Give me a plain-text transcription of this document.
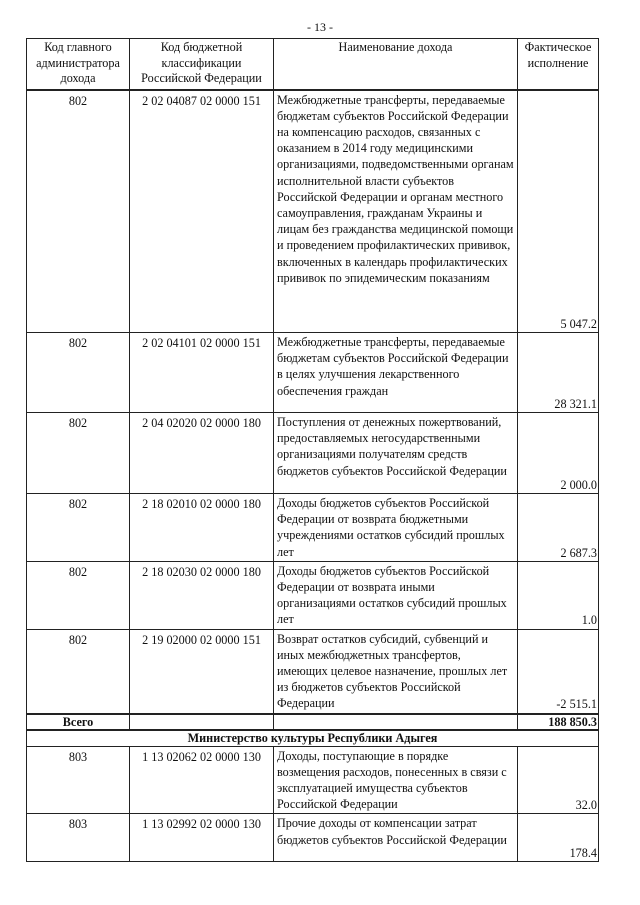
- 13 -
Код главного администратора дохода	Код бюджетной классификации Российской Федерации	Наименование дохода	Фактическое исполнение
802	2 02 04087 02 0000 151	Межбюджетные трансферты, передаваемые бюджетам субъектов Российской Федерации на компенсацию расходов, связанных с оказанием в 2014 году медицинскими организациями, подведомственными органам исполнительной власти субъектов Российской Федерации и органам местного самоуправления, гражданам Украины и лицам без гражданства медицинской помощи и проведением профилактических прививок, включенных в календарь профилактических прививок по эпидемическим показаниям	5 047.2
802	2 02 04101 02 0000 151	Межбюджетные трансферты, передаваемые бюджетам субъектов Российской Федерации в целях улучшения лекарственного обеспечения граждан	28 321.1
802	2 04 02020 02 0000 180	Поступления от денежных пожертвований, предоставляемых негосударственными организациями получателям средств бюджетов субъектов Российской Федерации	2 000.0
802	2 18 02010 02 0000 180	Доходы бюджетов субъектов Российской Федерации от возврата бюджетными учреждениями остатков субсидий прошлых лет	2 687.3
802	2 18 02030 02 0000 180	Доходы бюджетов субъектов Российской Федерации от возврата иными организациями остатков субсидий прошлых лет	1.0
802	2 19 02000 02 0000 151	Возврат остатков субсидий, субвенций и иных межбюджетных трансфертов, имеющих целевое назначение, прошлых лет из бюджетов субъектов Российской Федерации	-2 515.1
Всего			188 850.3
Министерство культуры Республики Адыгея			
803	1 13 02062 02 0000 130	Доходы, поступающие в порядке возмещения расходов, понесенных в связи с эксплуатацией имущества субъектов Российской Федерации	32.0
803	1 13 02992 02 0000 130	Прочие доходы от компенсации затрат бюджетов субъектов Российской Федерации	178.4
